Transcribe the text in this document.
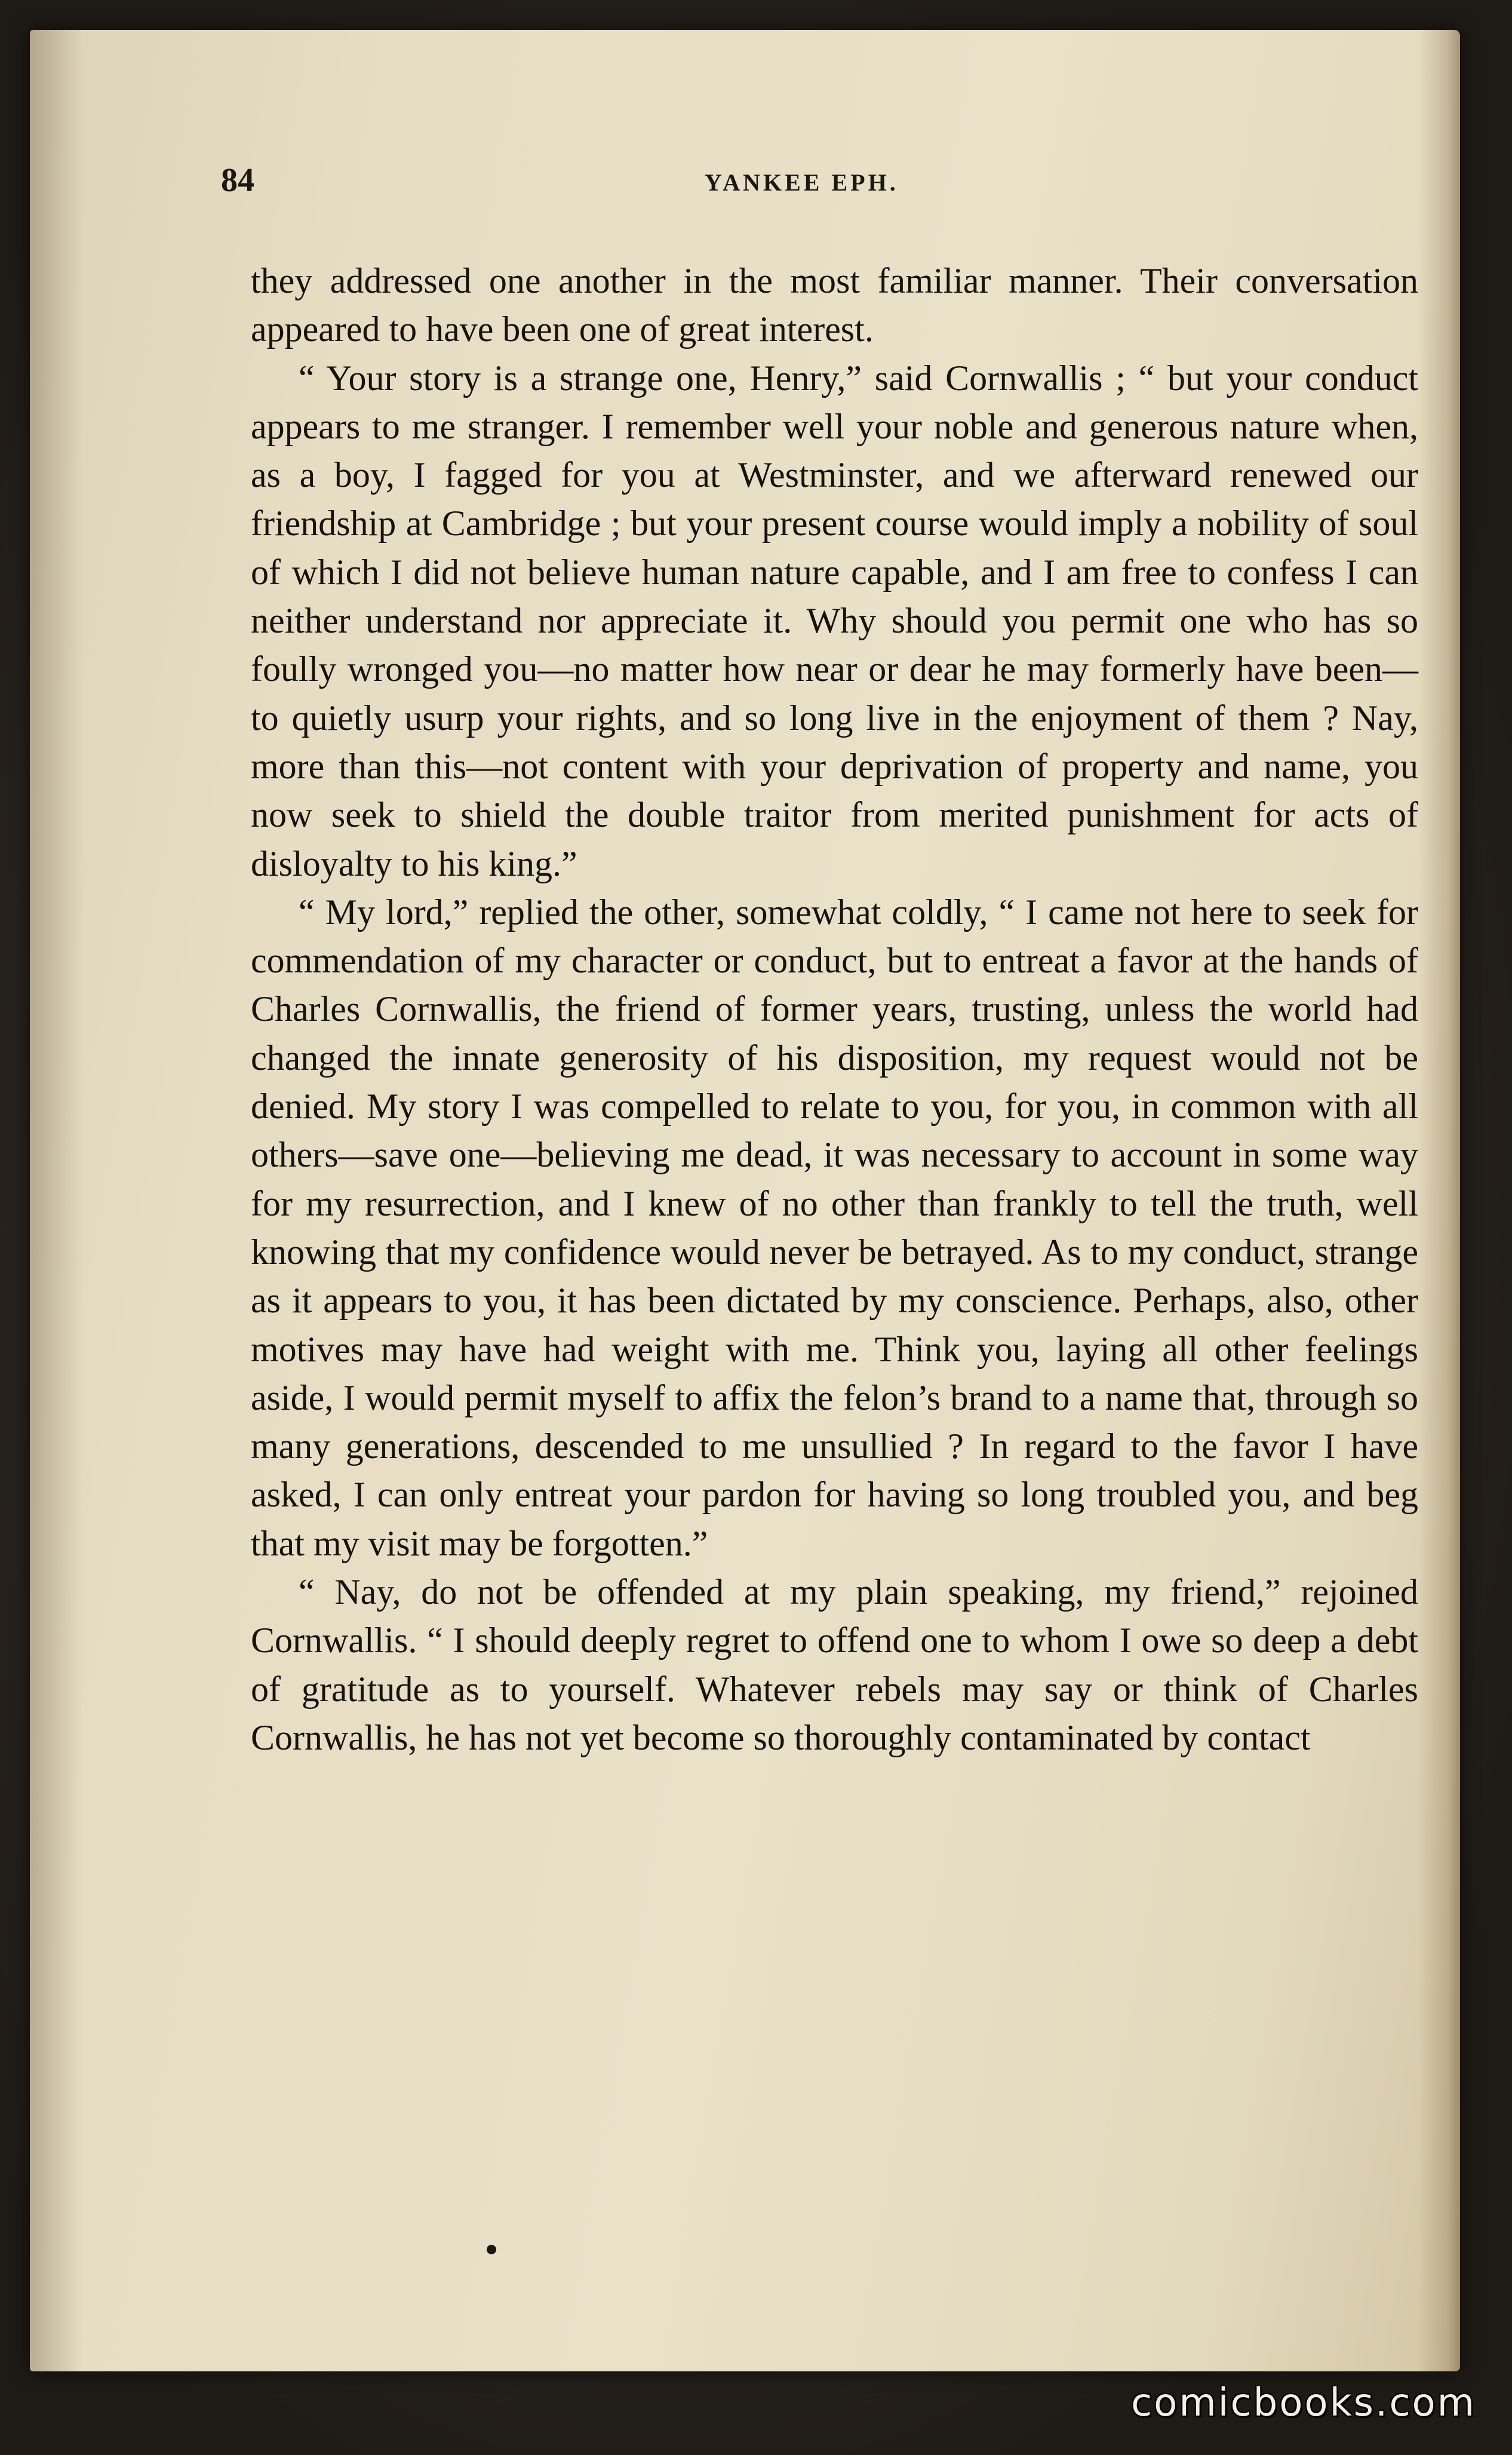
84	YANKEE EPH.

they addressed one another in the most familiar manner. Their conversation appeared to have been one of great interest.

“ Your story is a strange one, Henry,” said Cornwallis ; “ but your conduct appears to me stranger. I remember well your noble and generous nature when, as a boy, I fagged for you at Westminster, and we afterward renewed our friendship at Cambridge ; but your present course would imply a nobility of soul of which I did not believe human nature capable, and I am free to confess I can neither understand nor appreciate it. Why should you permit one who has so foully wronged you—no matter how near or dear he may formerly have been—to quietly usurp your rights, and so long live in the enjoyment of them ? Nay, more than this—not content with your deprivation of property and name, you now seek to shield the double traitor from merited punishment for acts of disloyalty to his king.”

“ My lord,” replied the other, somewhat coldly, “ I came not here to seek for commendation of my character or conduct, but to entreat a favor at the hands of Charles Cornwallis, the friend of former years, trusting, unless the world had changed the innate generosity of his disposition, my request would not be denied. My story I was compelled to relate to you, for you, in common with all others—save one—believing me dead, it was necessary to account in some way for my resurrection, and I knew of no other than frankly to tell the truth, well knowing that my confidence would never be betrayed. As to my conduct, strange as it appears to you, it has been dictated by my conscience. Perhaps, also, other motives may have had weight with me. Think you, laying all other feelings aside, I would permit myself to affix the felon’s brand to a name that, through so many generations, descended to me unsullied ? In regard to the favor I have asked, I can only entreat your pardon for having so long troubled you, and beg that my visit may be forgotten.”

“ Nay, do not be offended at my plain speaking, my friend,” rejoined Cornwallis. “ I should deeply regret to offend one to whom I owe so deep a debt of gratitude as to yourself. Whatever rebels may say or think of Charles Cornwallis, he has not yet become so thoroughly contaminated by contact

comicbooks.com
